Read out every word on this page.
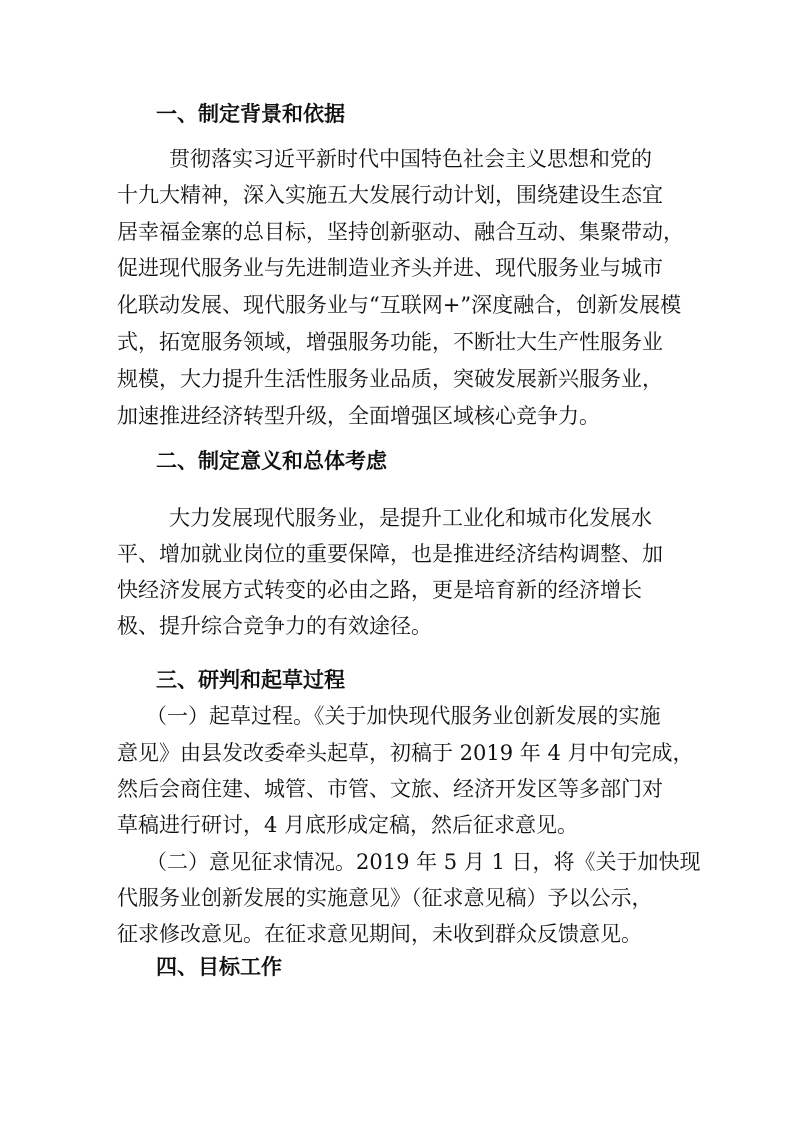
一、制定背景和依据
贯彻落实习近平新时代中国特色社会主义思想和党的
十九大精神，深入实施五大发展行动计划，围绕建设生态宜
居幸福金寨的总目标，坚持创新驱动、融合互动、集聚带动，
促进现代服务业与先进制造业齐头并进、现代服务业与城市
化联动发展、现代服务业与“互联网+”深度融合，创新发展模
式，拓宽服务领域，增强服务功能，不断壮大生产性服务业
规模，大力提升生活性服务业品质，突破发展新兴服务业，
加速推进经济转型升级，全面增强区域核心竞争力。
二、制定意义和总体考虑
大力发展现代服务业，是提升工业化和城市化发展水
平、增加就业岗位的重要保障，也是推进经济结构调整、加
快经济发展方式转变的必由之路，更是培育新的经济增长
极、提升综合竞争力的有效途径。
三、研判和起草过程
（一）起草过程。《关于加快现代服务业创新发展的实施
意见》由县发改委牵头起草，初稿于 2019 年 4 月中旬完成，
然后会商住建、城管、市管、文旅、经济开发区等多部门对
草稿进行研讨，4 月底形成定稿，然后征求意见。
（二）意见征求情况。2019 年 5 月 1 日，将《关于加快现
代服务业创新发展的实施意见》（征求意见稿）予以公示，
征求修改意见。在征求意见期间，未收到群众反馈意见。
四、目标工作
